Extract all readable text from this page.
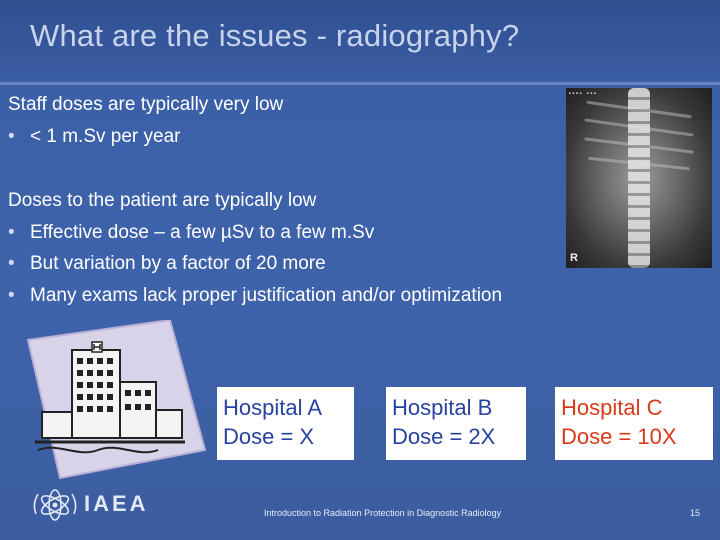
What are the issues - radiography?
Staff doses are typically very low
• < 1 m.Sv per year
Doses to the patient are typically low
• Effective dose – a few µSv to a few m.Sv
• But variation by a factor of 20 more
• Many exams lack proper justification and/or optimization
▪▪▪▪ ▪▪▪
R
Hospital A
Dose = X
Hospital B
Dose = 2X
Hospital C
Dose = 10X
IAEA	Introduction to Radiation Protection in Diagnostic Radiology	15
